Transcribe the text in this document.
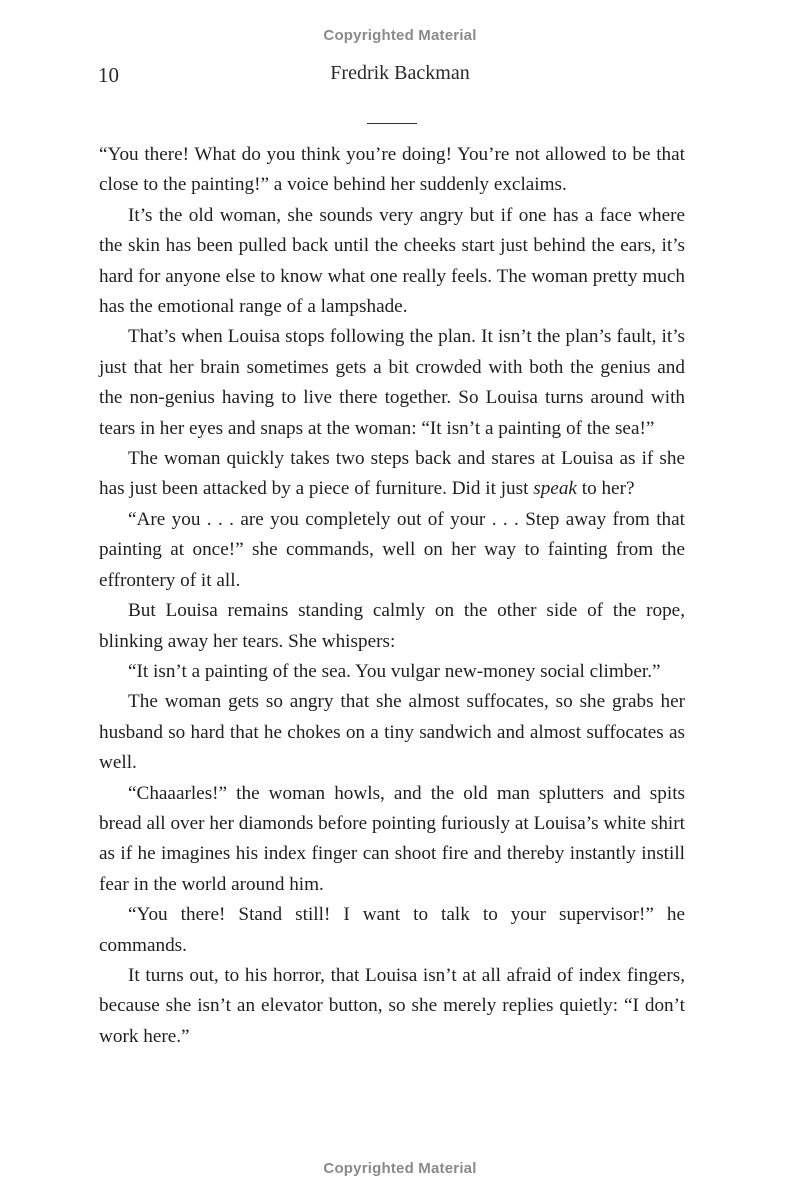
Copyrighted Material
10	Fredrik Backman

“You there! What do you think you’re doing! You’re not allowed to be that close to the painting!” a voice behind her suddenly exclaims.

It’s the old woman, she sounds very angry but if one has a face where the skin has been pulled back until the cheeks start just behind the ears, it’s hard for anyone else to know what one really feels. The woman pretty much has the emotional range of a lampshade.

That’s when Louisa stops following the plan. It isn’t the plan’s fault, it’s just that her brain sometimes gets a bit crowded with both the genius and the non-genius having to live there together. So Louisa turns around with tears in her eyes and snaps at the woman: “It isn’t a painting of the sea!”

The woman quickly takes two steps back and stares at Louisa as if she has just been attacked by a piece of furniture. Did it just speak to her?

“Are you . . . are you completely out of your . . . Step away from that painting at once!” she commands, well on her way to fainting from the effrontery of it all.

But Louisa remains standing calmly on the other side of the rope, blinking away her tears. She whispers:

“It isn’t a painting of the sea. You vulgar new-money social climber.”

The woman gets so angry that she almost suffocates, so she grabs her husband so hard that he chokes on a tiny sandwich and almost suffocates as well.

“Chaaarles!” the woman howls, and the old man splutters and spits bread all over her diamonds before pointing furiously at Louisa’s white shirt as if he imagines his index finger can shoot fire and thereby instantly instill fear in the world around him.

“You there! Stand still! I want to talk to your supervisor!” he commands.

It turns out, to his horror, that Louisa isn’t at all afraid of index fingers, because she isn’t an elevator button, so she merely replies quietly: “I don’t work here.”

Copyrighted Material
